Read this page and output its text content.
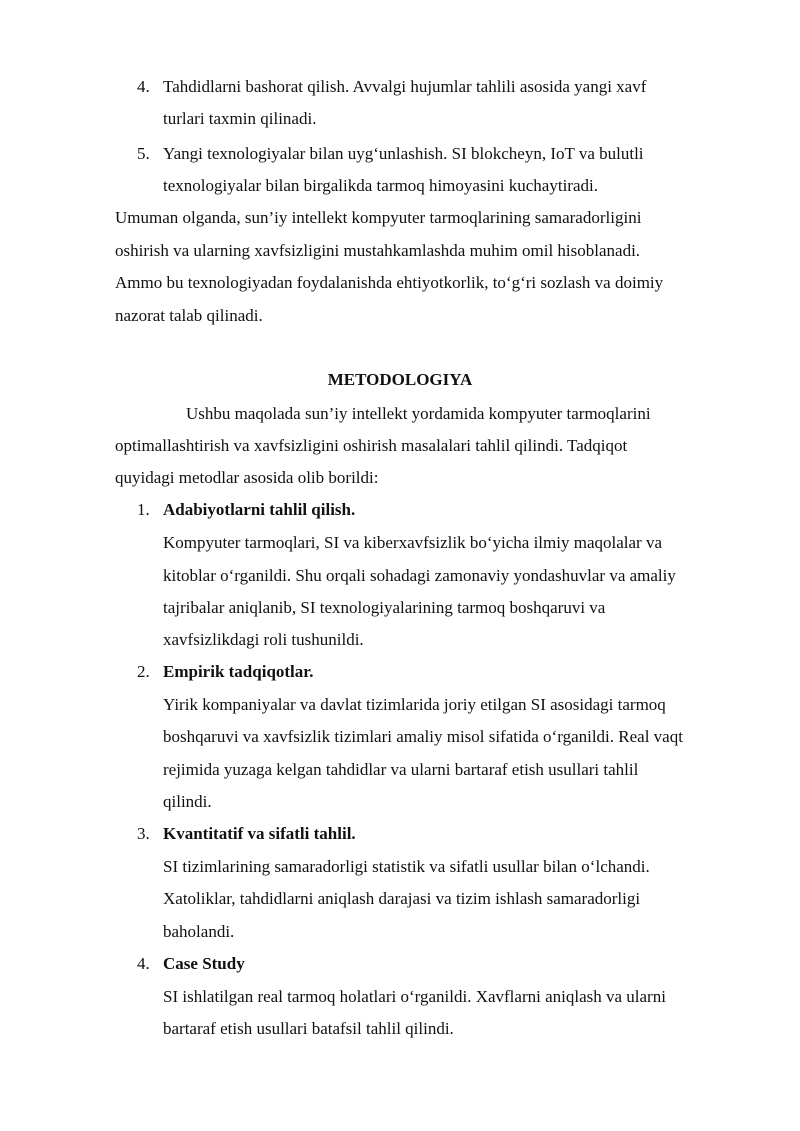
4. Tahdidlarni bashorat qilish. Avvalgi hujumlar tahlili asosida yangi xavf
turlari taxmin qilinadi.
5. Yangi texnologiyalar bilan uyg‘unlashish. SI blokcheyn, IoT va bulutli
texnologiyalar bilan birgalikda tarmoq himoyasini kuchaytiradi.
Umuman olganda, sun’iy intellekt kompyuter tarmoqlarining samaradorligini
oshirish va ularning xavfsizligini mustahkamlashda muhim omil hisoblanadi.
Ammo bu texnologiyadan foydalanishda ehtiyotkorlik, to‘g‘ri sozlash va doimiy
nazorat talab qilinadi.
METODOLOGIYA
Ushbu maqolada sun’iy intellekt yordamida kompyuter tarmoqlarini
optimallashtirish va xavfsizligini oshirish masalalari tahlil qilindi. Tadqiqot
quyidagi metodlar asosida olib borildi:
1. Adabiyotlarni tahlil qilish.
Kompyuter tarmoqlari, SI va kiberxavfsizlik bo‘yicha ilmiy maqolalar va
kitoblar o‘rganildi. Shu orqali sohadagi zamonaviy yondashuvlar va amaliy
tajribalar aniqlanib, SI texnologiyalarining tarmoq boshqaruvi va
xavfsizlikdagi roli tushunildi.
2. Empirik tadqiqotlar.
Yirik kompaniyalar va davlat tizimlarida joriy etilgan SI asosidagi tarmoq
boshqaruvi va xavfsizlik tizimlari amaliy misol sifatida o‘rganildi. Real vaqt
rejimida yuzaga kelgan tahdidlar va ularni bartaraf etish usullari tahlil
qilindi.
3. Kvantitatif va sifatli tahlil.
SI tizimlarining samaradorligi statistik va sifatli usullar bilan o‘lchandi.
Xatoliklar, tahdidlarni aniqlash darajasi va tizim ishlash samaradorligi
baholandi.
4. Case Study
SI ishlatilgan real tarmoq holatlari o‘rganildi. Xavflarni aniqlash va ularni
bartaraf etish usullari batafsil tahlil qilindi.
